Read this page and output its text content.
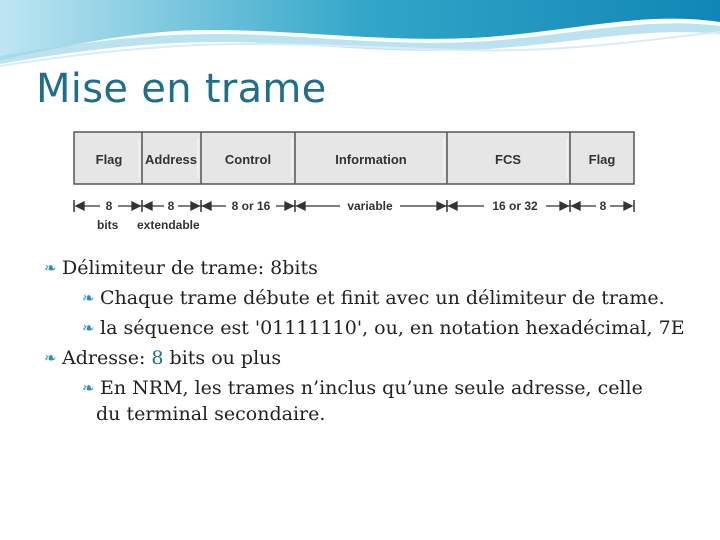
Mise en trame
Flag Address Control	Information	FCS	Flag
8	8	8 or 16	variable	16 or 32	8
bits extendable
❧ Délimiteur de trame: 8bits
❧ Chaque trame débute et finit avec un délimiteur de trame.
❧ la séquence est '01111110', ou, en notation hexadécimal, 7E
❧ Adresse: 8 bits ou plus
❧ En NRM, les trames n’inclus qu’une seule adresse, celle
du terminal secondaire.
